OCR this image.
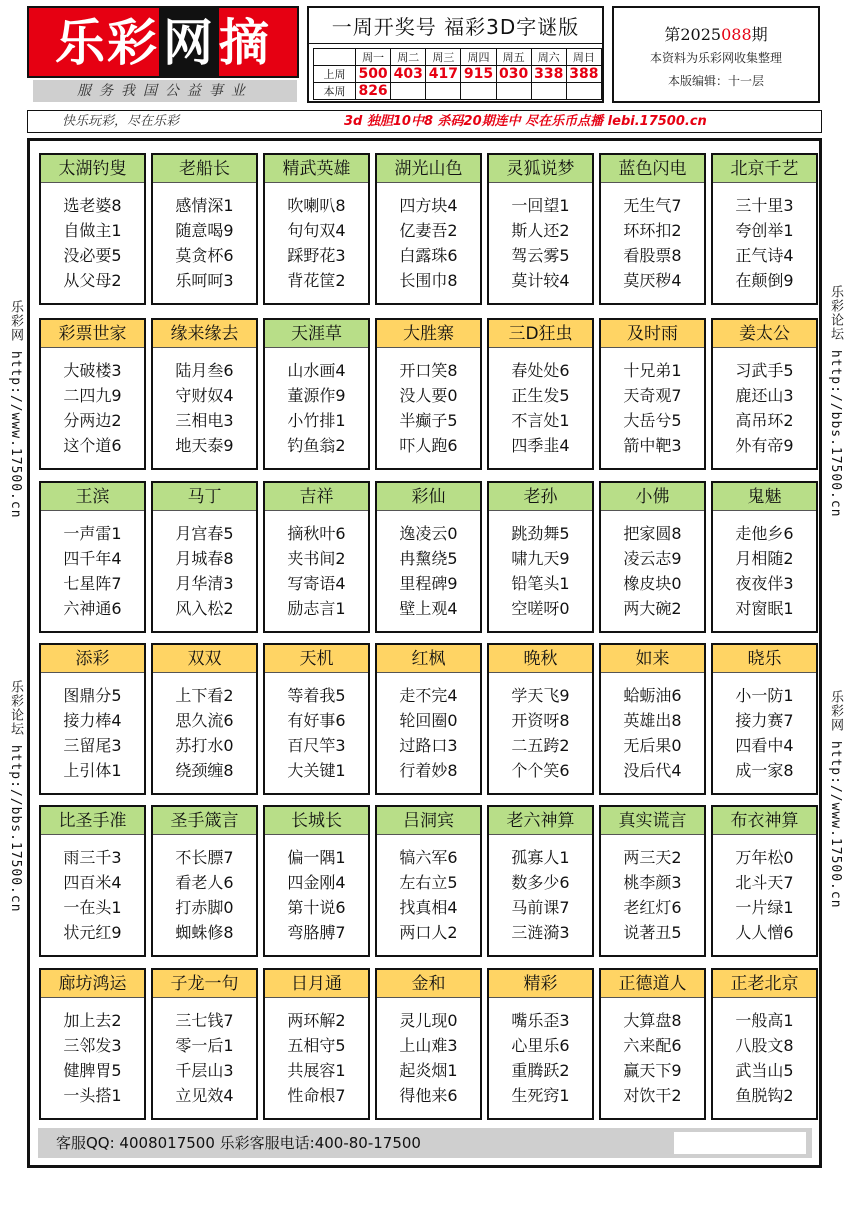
乐彩网摘
服务我国公益事业
一周开奖号 福彩3D字谜版
	周一	周二	周三	周四	周五	周六	周日
上周	500	403	417	915	030	338	388
本周	826						
第2025088期
本资料为乐彩网收集整理
本版编辑：十一层
快乐玩彩，尽在乐彩	3d 独胆10中8 杀码20期连中 尽在乐币点播 lebi.17500.cn
乐彩网 http://www.17500.cn
乐彩论坛 http://bbs.17500.cn
乐彩论坛 http://bbs.17500.cn
乐彩网 http://www.17500.cn
太湖钓叟
选老婆8
自做主1
没必要5
从父母2
老船长
感情深1
随意喝9
莫贪杯6
乐呵呵3
精武英雄
吹喇叭8
句句双4
踩野花3
背花筐2
湖光山色
四方块4
亿妻吾2
白露珠6
长围巾8
灵狐说梦
一回望1
斯人还2
驾云雾5
莫计较4
蓝色闪电
无生气7
环环扣2
看股票8
莫厌秽4
北京千艺
三十里3
夸创举1
正气诗4
在颠倒9
彩票世家
大破楼3
二四九9
分两边2
这个道6
缘来缘去
陆月叁6
守财奴4
三相电3
地天泰9
天涯草
山水画4
董源作9
小竹排1
钓鱼翁2
大胜寨
开口笑8
没人要0
半癫子5
吓人跑6
三D狂虫
春处处6
正生发5
不言处1
四季韭4
及时雨
十兄弟1
天奇观7
大岳兮5
箭中靶3
姜太公
习武手5
鹿还山3
高吊环2
外有帝9
王滨
一声雷1
四千年4
七星阵7
六神通6
马丁
月宫春5
月城春8
月华清3
风入松2
吉祥
摘秋叶6
夹书间2
写寄语4
励志言1
彩仙
逸凌云0
冉黧绕5
里程碑9
壁上观4
老孙
跳劲舞5
啸九天9
铅笔头1
空嗟呀0
小佛
把家圆8
凌云志9
橡皮块0
两大碗2
鬼魅
走他乡6
月相随2
夜夜伴3
对窗眠1
添彩
图鼎分5
接力棒4
三留尾3
上引体1
双双
上下看2
思久流6
苏打水0
绕颈缠8
天机
等着我5
有好事6
百尺竿3
大关键1
红枫
走不完4
轮回圈0
过路口3
行着妙8
晚秋
学天飞9
开资呀8
二五跨2
个个笑6
如来
蛤蛎油6
英雄出8
无后果0
没后代4
晓乐
小一防1
接力赛7
四看中4
成一家8
比圣手准
雨三千3
四百米4
一在头1
状元红9
圣手箴言
不长膘7
看老人6
打赤脚0
蜘蛛修8
长城长
偏一隅1
四金刚4
第十说6
弯胳膊7
吕洞宾
犒六军6
左右立5
找真相4
两口人2
老六神算
孤寡人1
数多少6
马前课7
三涟漪3
真实谎言
两三天2
桃李颜3
老红灯6
说著丑5
布衣神算
万年松0
北斗天7
一片绿1
人人憎6
廊坊鸿运
加上去2
三邻发3
健脾胃5
一头搭1
子龙一句
三七钱7
零一后1
千层山3
立见效4
日月通
两环解2
五相守5
共展容1
性命根7
金和
灵儿现0
上山难3
起炎烟1
得他来6
精彩
嘴乐歪3
心里乐6
重腾跃2
生死窍1
正德道人
大算盘8
六来配6
赢天下9
对饮干2
正老北京
一般高1
八股文8
武当山5
鱼脱钩2
客服QQ: 4008017500 乐彩客服电话:400-80-17500
